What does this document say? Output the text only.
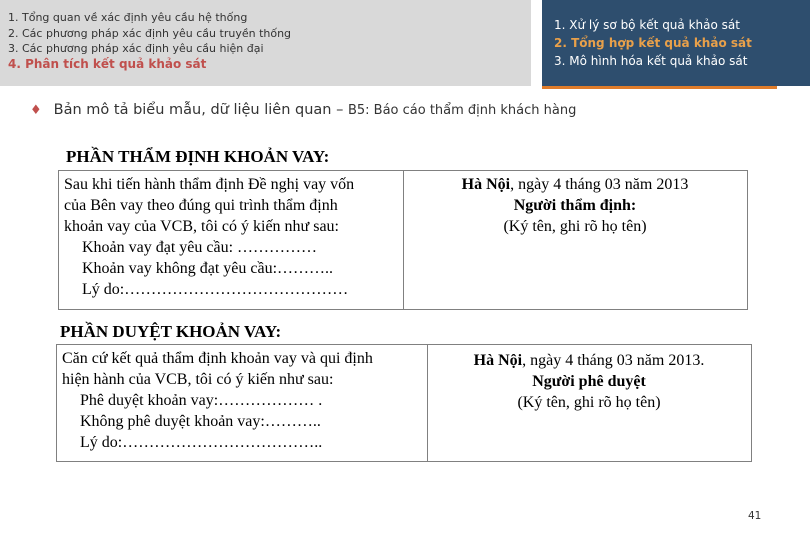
1. Tổng quan về xác định yêu cầu hệ thống
2. Các phương pháp xác định yêu cầu truyền thống
3. Các phương pháp xác định yêu cầu hiện đại
4. Phân tích kết quả khảo sát
1. Xử lý sơ bộ kết quả khảo sát
2. Tổng hợp kết quả khảo sát
3. Mô hình hóa kết quả khảo sát
♦ Bản mô tả biểu mẫu, dữ liệu liên quan – B5: Báo cáo thẩm định khách hàng
PHẦN THẨM ĐỊNH KHOẢN VAY:
Sau khi tiến hành thẩm định Đề nghị vay vốn
của Bên vay theo đúng qui trình thẩm định
khoản vay của VCB, tôi có ý kiến như sau:
Khoản vay đạt yêu cầu: ……………
Khoản vay không đạt yêu cầu:………..
Lý do:……………………………………
Hà Nội, ngày 4 tháng 03 năm 2013
Người thẩm định:
(Ký tên, ghi rõ họ tên)
PHẦN DUYỆT KHOẢN VAY:
Căn cứ kết quả thẩm định khoản vay và qui định
hiện hành của VCB, tôi có ý kiến như sau:
Phê duyệt khoản vay:……………… .
Không phê duyệt khoản vay:………..
Lý do:………………………………..
Hà Nội, ngày 4 tháng 03 năm 2013.
Người phê duyệt
(Ký tên, ghi rõ họ tên)
41
